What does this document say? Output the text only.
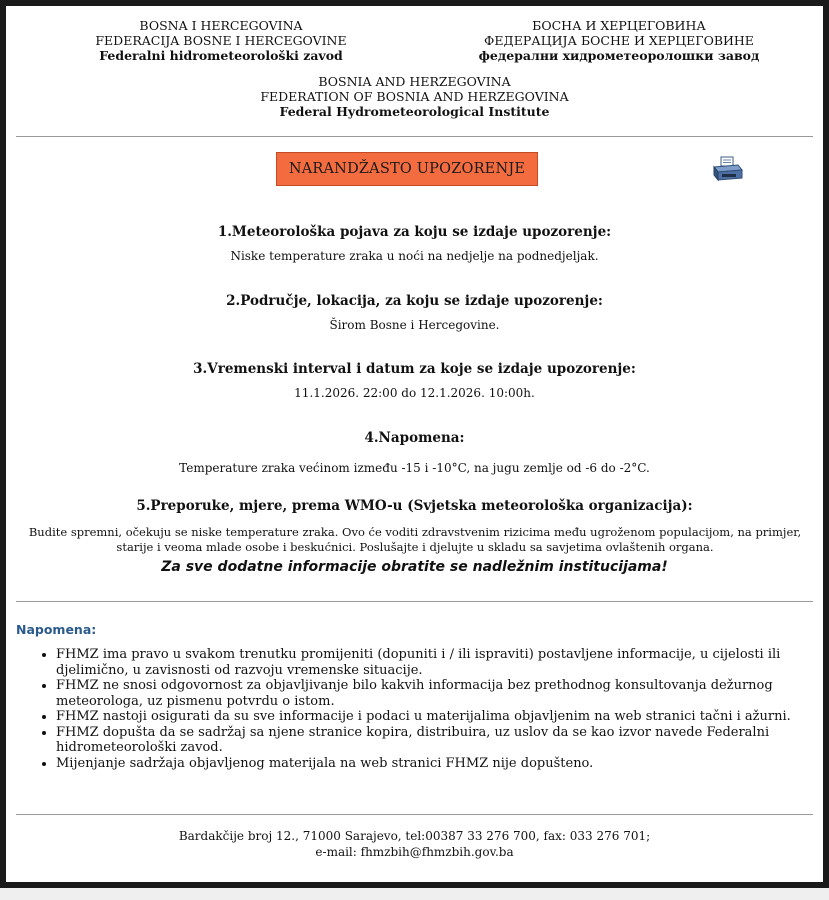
BOSNA I HERCEGOVINA
FEDERACIJA BOSNE I HERCEGOVINE
Federalni hidrometeorološki zavod
БОСНА И ХЕРЦЕГОВИНА
ФЕДЕРАЦИЈА БОСНЕ И ХЕРЦЕГОВИНЕ
федерални хидрометеоролошки завод
BOSNIA AND HERZEGOVINA
FEDERATION OF BOSNIA AND HERZEGOVINA
Federal Hydrometeorological Institute
NARANDŽASTO UPOZORENJE
1.Meteorološka pojava za koju se izdaje upozorenje:
Niske temperature zraka u noći na nedjelje na podnedjeljak.
2.Područje, lokacija, za koju se izdaje upozorenje:
Širom Bosne i Hercegovine.
3.Vremenski interval i datum za koje se izdaje upozorenje:
11.1.2026. 22:00 do 12.1.2026. 10:00h.
4.Napomena:
Temperature zraka većinom između -15 i -10°C, na jugu zemlje od -6 do -2°C.
5.Preporuke, mjere, prema WMO-u (Svjetska meteorološka organizacija):
Budite spremni, očekuju se niske temperature zraka. Ovo će voditi zdravstvenim rizicima među ugroženom populacijom, na primjer, starije i veoma mlade osobe i beskućnici. Poslušajte i djelujte u skladu sa savjetima ovlaštenih organa.
Za sve dodatne informacije obratite se nadležnim institucijama!
Napomena:
• FHMZ ima pravo u svakom trenutku promijeniti (dopuniti i / ili ispraviti) postavljene informacije, u cijelosti ili djelimično, u zavisnosti od razvoju vremenske situacije.
• FHMZ ne snosi odgovornost za objavljivanje bilo kakvih informacija bez prethodnog konsultovanja dežurnog meteorologa, uz pismenu potvrdu o istom.
• FHMZ nastoji osigurati da su sve informacije i podaci u materijalima objavljenim na web stranici tačni i ažurni.
• FHMZ dopušta da se sadržaj sa njene stranice kopira, distribuira, uz uslov da se kao izvor navede Federalni hidrometeorološki zavod.
• Mijenjanje sadržaja objavljenog materijala na web stranici FHMZ nije dopušteno.
Bardakčije broj 12., 71000 Sarajevo, tel:00387 33 276 700, fax: 033 276 701;
e-mail: fhmzbih@fhmzbih.gov.ba
